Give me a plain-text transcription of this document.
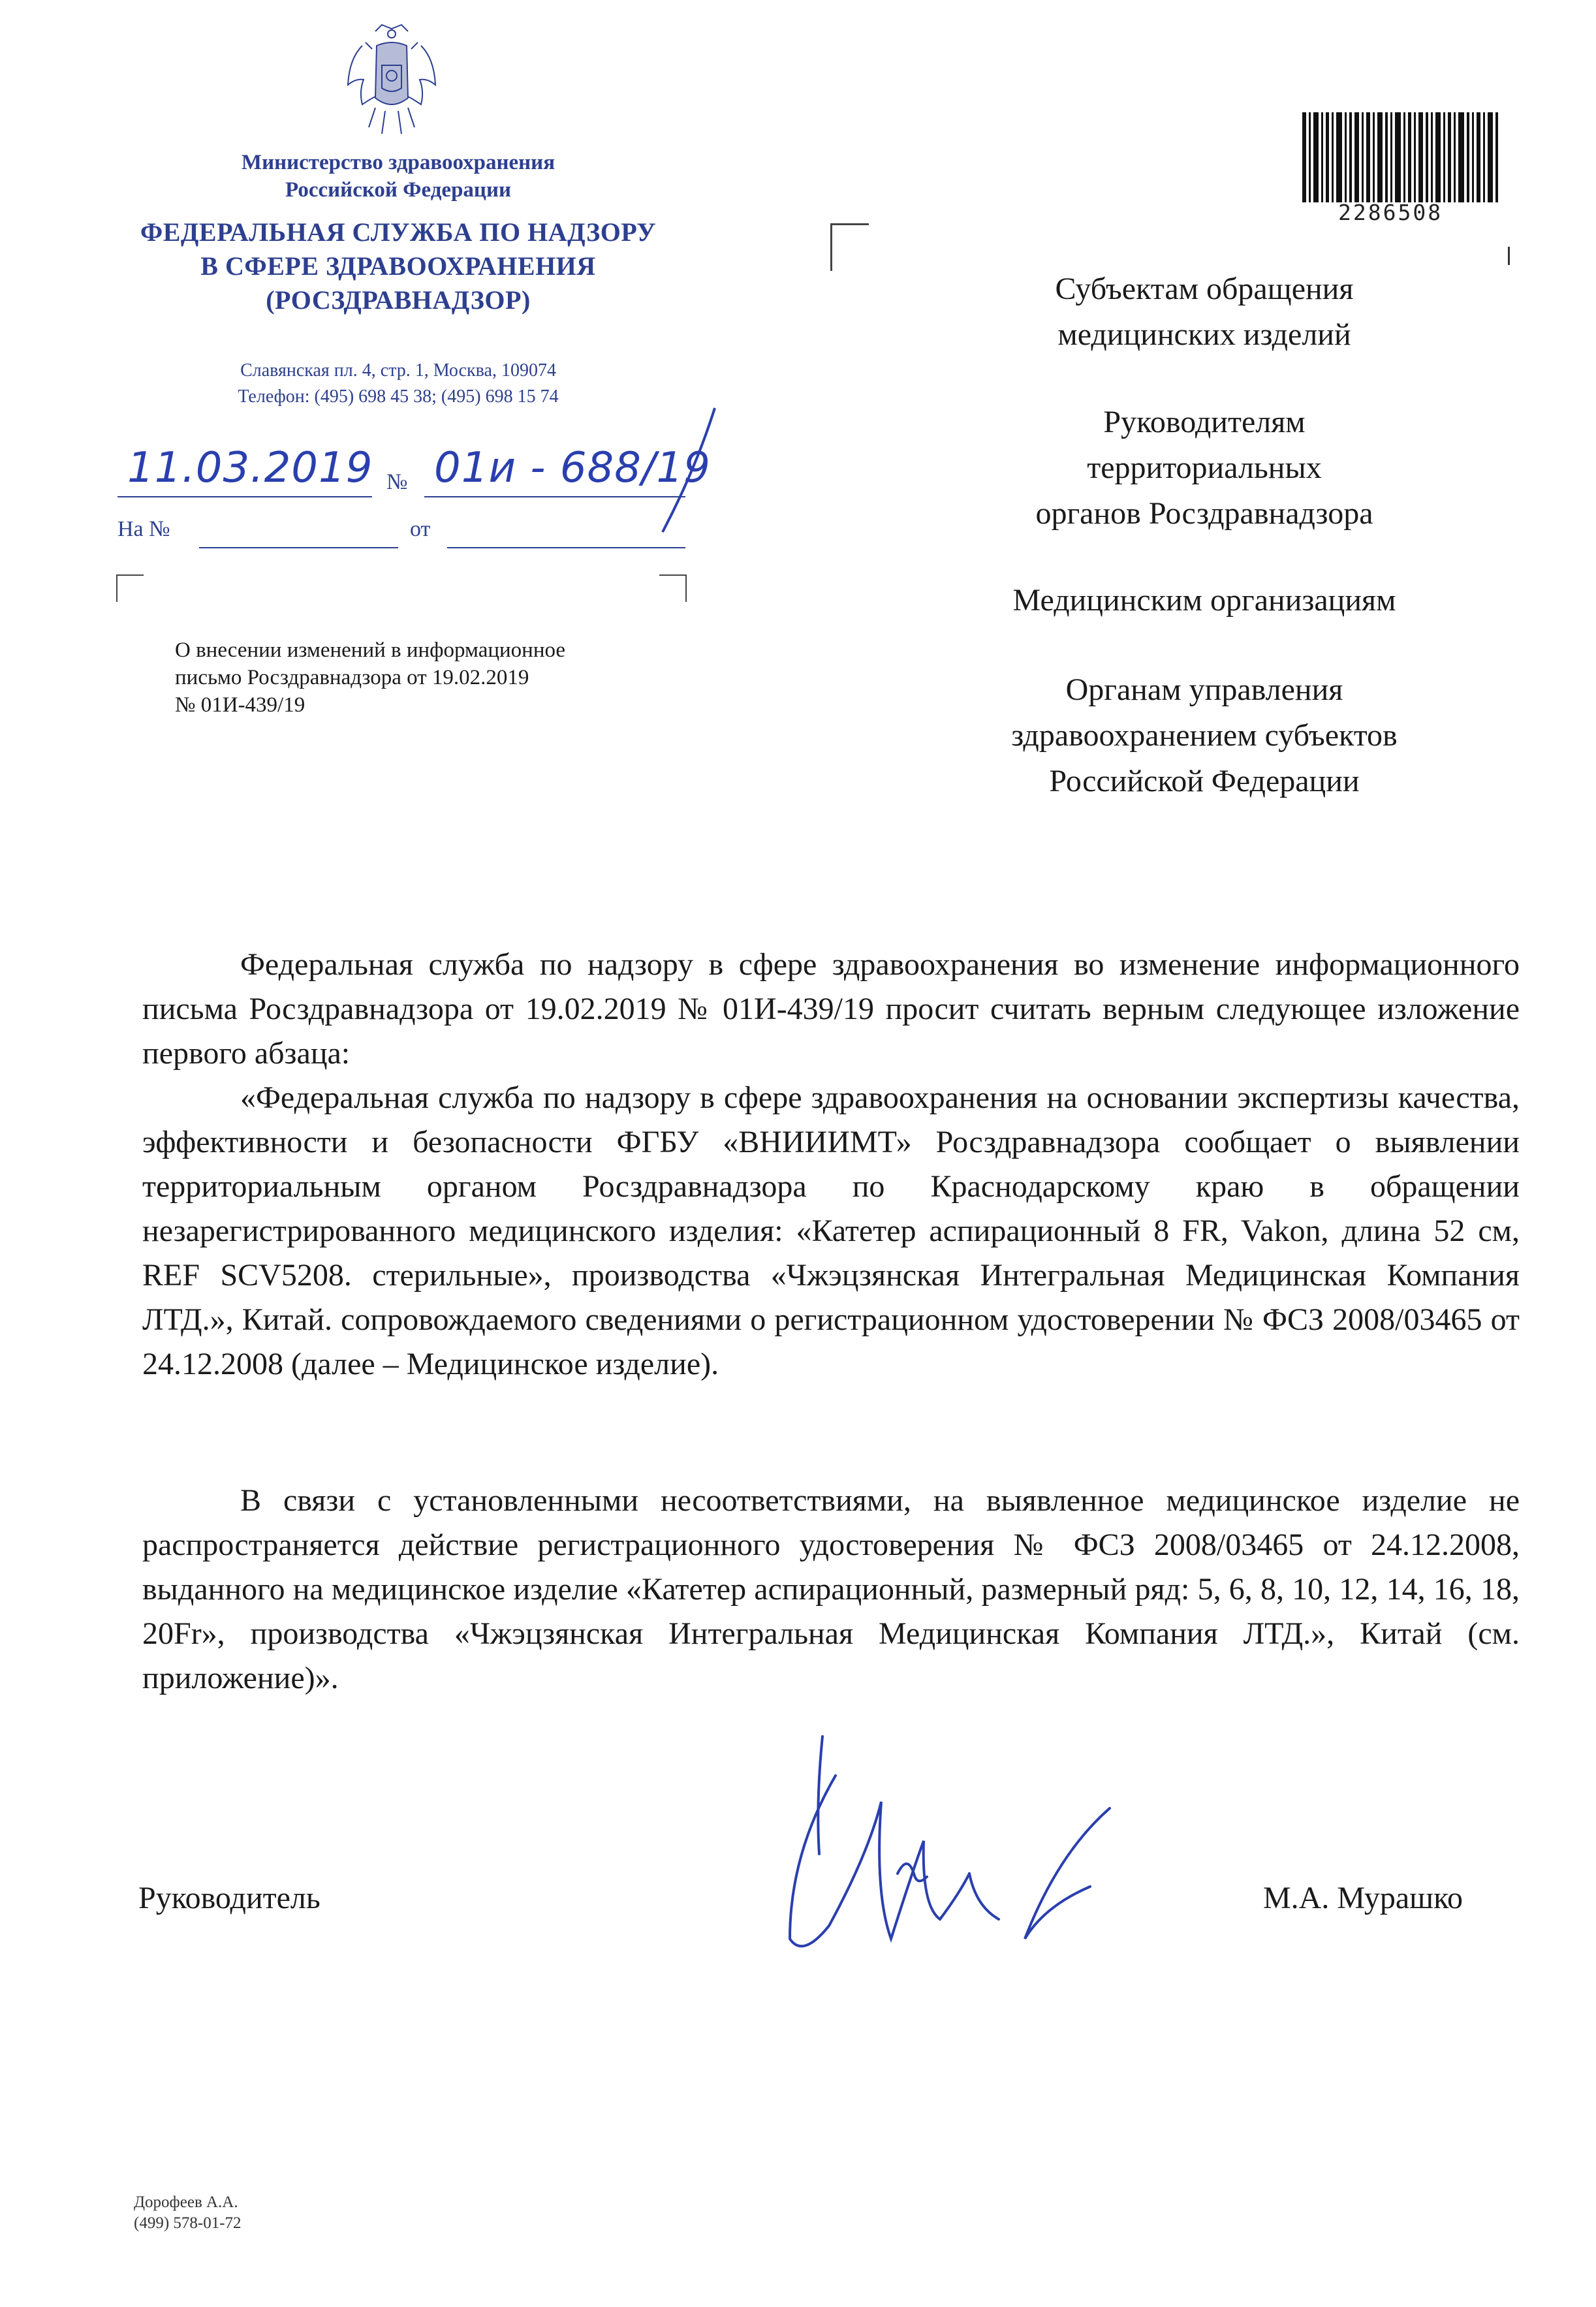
Министерство здравоохранения
Российской Федерации
ФЕДЕРАЛЬНАЯ СЛУЖБА ПО НАДЗОРУ
В СФЕРЕ ЗДРАВООХРАНЕНИЯ
(РОСЗДРАВНАДЗОР)
Славянская пл. 4, стр. 1, Москва, 109074
Телефон: (495) 698 45 38; (495) 698 15 74
11.03.2019 № 01и - 688/19
На №	от
О внесении изменений в информационное
письмо Росздравнадзора от 19.02.2019
№ 01И-439/19
2286508
Субъектам обращения
медицинских изделий
Руководителям
территориальных
органов Росздравнадзора
Медицинским организациям
Органам управления
здравоохранением субъектов
Российской Федерации
Федеральная служба по надзору в сфере здравоохранения во изменение информационного письма Росздравнадзора от 19.02.2019 № 01И-439/19 просит считать верным следующее изложение первого абзаца:
«Федеральная служба по надзору в сфере здравоохранения на основании экспертизы качества, эффективности и безопасности ФГБУ «ВНИИИМТ» Росздравнадзора сообщает о выявлении территориальным органом Росздравнадзора по Краснодарскому краю в обращении незарегистрированного медицинского изделия: «Катетер аспирационный 8 FR, Vakon, длина 52 см, REF SCV5208. стерильные», производства «Чжэцзянская Интегральная Медицинская Компания ЛТД.», Китай. сопровождаемого сведениями о регистрационном удостоверении № ФСЗ 2008/03465 от 24.12.2008 (далее – Медицинское изделие).
В связи с установленными несоответствиями, на выявленное медицинское изделие не распространяется действие регистрационного удостоверения № ФСЗ 2008/03465 от 24.12.2008, выданного на медицинское изделие «Катетер аспирационный, размерный ряд: 5, 6, 8, 10, 12, 14, 16, 18, 20Fr», производства «Чжэцзянская Интегральная Медицинская Компания ЛТД.», Китай (см. приложение)».
Руководитель	М.А. Мурашко
Дорофеев А.А.
(499) 578-01-72
